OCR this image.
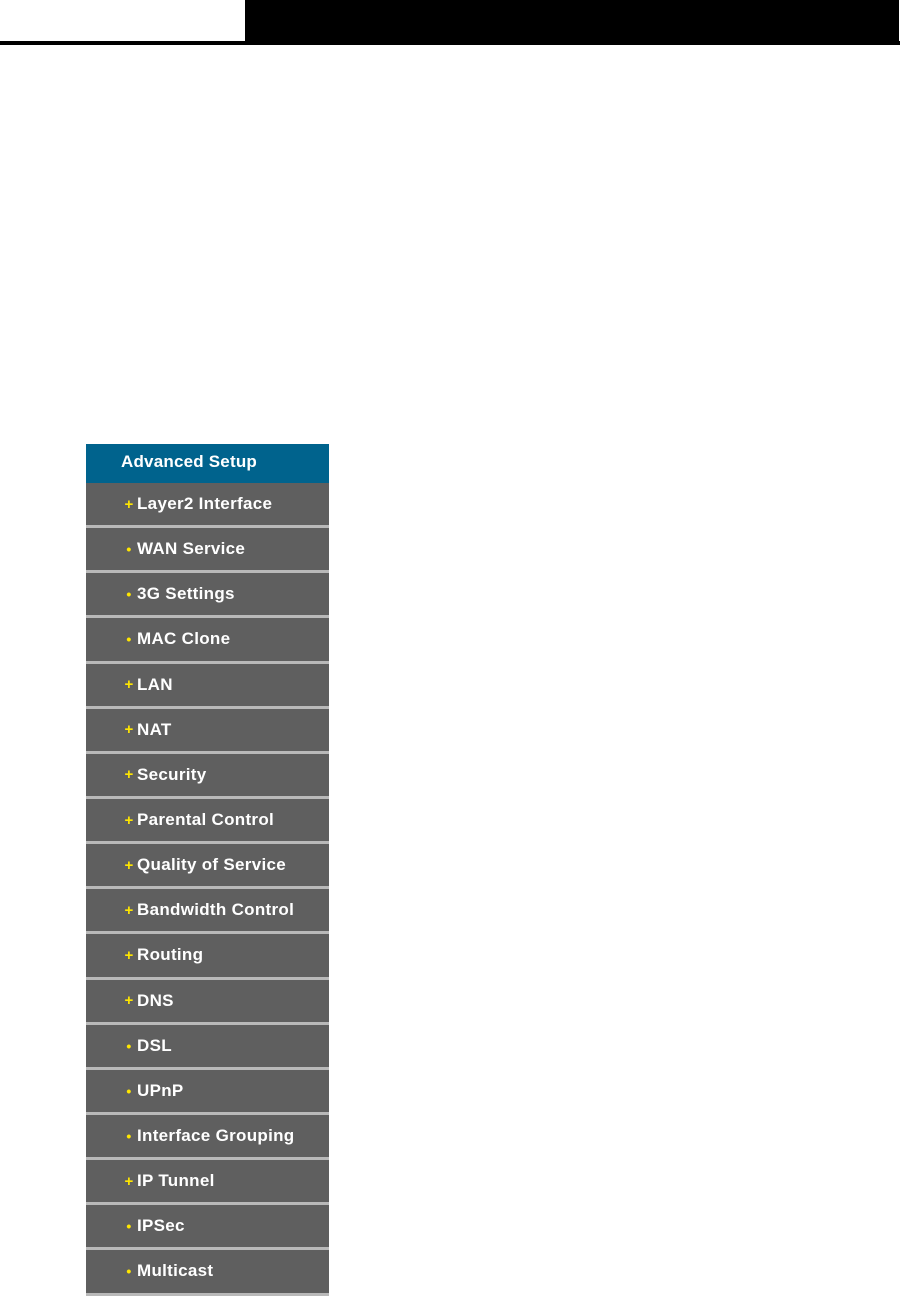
Advanced Setup
+ Layer2 Interface
• WAN Service
• 3G Settings
• MAC Clone
+ LAN
+ NAT
+ Security
+ Parental Control
+ Quality of Service
+ Bandwidth Control
+ Routing
+ DNS
• DSL
• UPnP
• Interface Grouping
+ IP Tunnel
• IPSec
• Multicast
